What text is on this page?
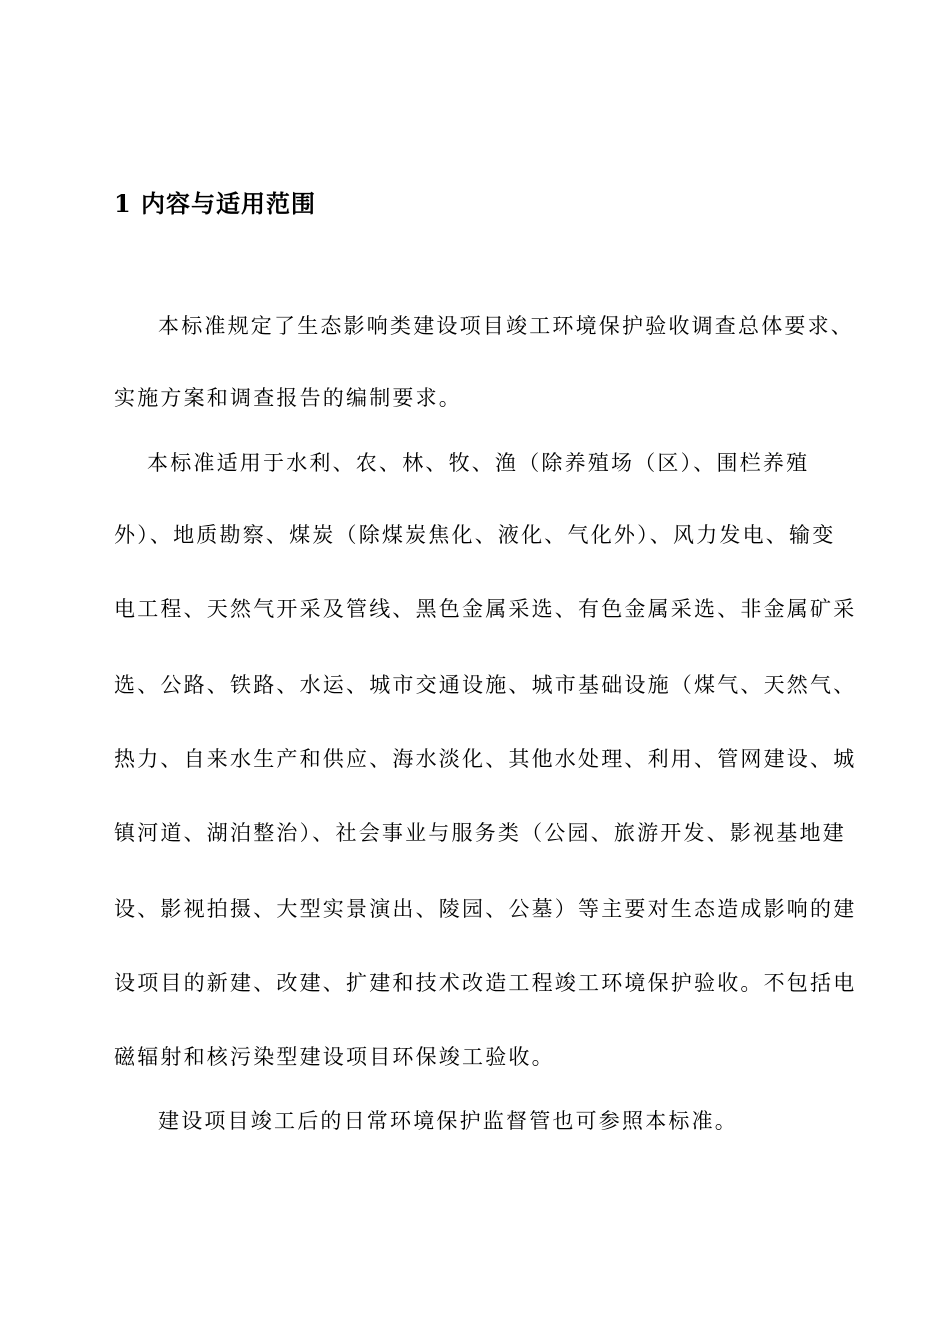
1 内容与适用范围
本标准规定了生态影响类建设项目竣工环境保护验收调查总体要求、
实施方案和调查报告的编制要求。
本标准适用于水利、农、林、牧、渔（除养殖场（区）、围栏养殖
外）、地质勘察、煤炭（除煤炭焦化、液化、气化外）、风力发电、输变
电工程、天然气开采及管线、黑色金属采选、有色金属采选、非金属矿采
选、公路、铁路、水运、城市交通设施、城市基础设施（煤气、天然气、
热力、自来水生产和供应、海水淡化、其他水处理、利用、管网建设、城
镇河道、湖泊整治）、社会事业与服务类（公园、旅游开发、影视基地建
设、影视拍摄、大型实景演出、陵园、公墓）等主要对生态造成影响的建
设项目的新建、改建、扩建和技术改造工程竣工环境保护验收。不包括电
磁辐射和核污染型建设项目环保竣工验收。
建设项目竣工后的日常环境保护监督管也可参照本标准。
